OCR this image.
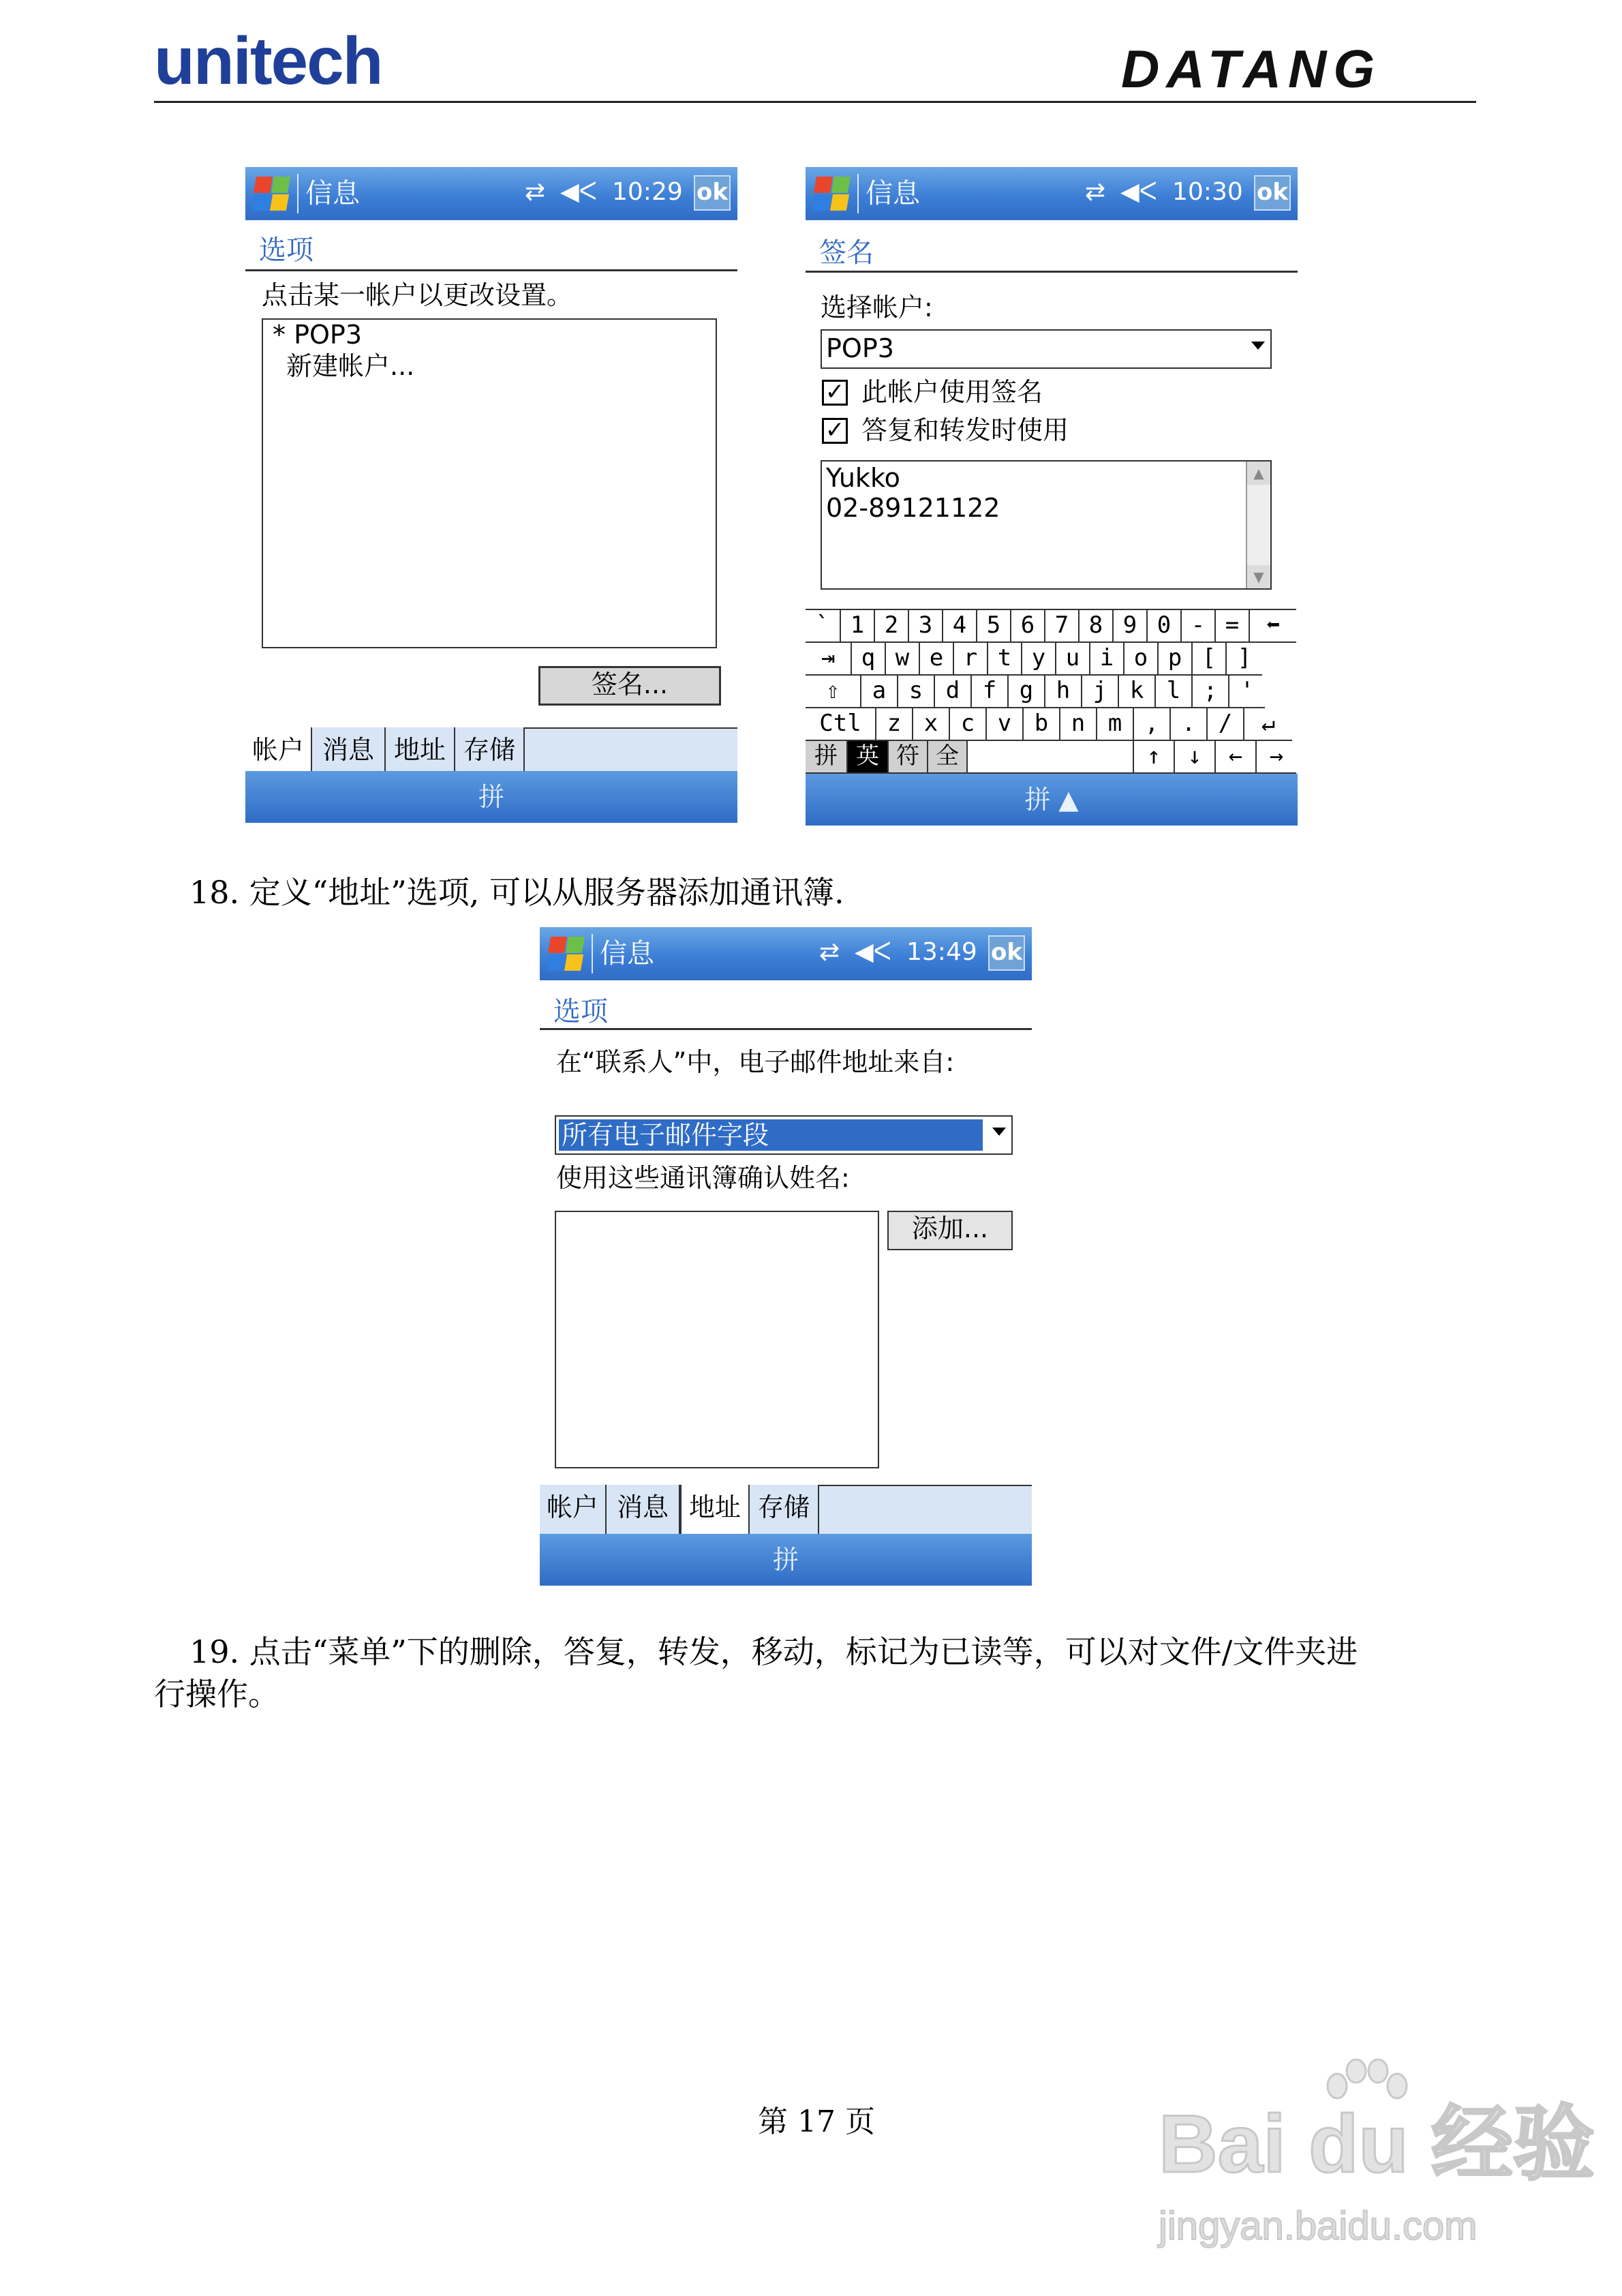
unitech	DATANG
信息	⇄ ◀︎ᐸ 10:29 ok
选项
点击某一帐户以更改设置。
* POP3
新建帐户...
签名...
帐户 消息 地址 存储
拼
信息	⇄ ◀︎ᐸ 10:30 ok
签名
选择帐户:
POP3
✓ 此帐户使用签名
✓ 答复和转发时使用
Yukko
02-89121122
▲
▼
` 1 2 3 4 5 6 7 8 9 0 - =	⬅
⇥	q w e r t y u i o p [ ]
⇧	a s d f g h j k l ; '
Ctl	z x c v b n m , . /	↵
拼 英 符 全	↑	↓	←	→
拼 ▲
18. 定义“地址”选项, 可以从服务器添加通讯簿.
信息	⇄ ◀︎ᐸ 13:49 ok
选项
在“联系人”中，电子邮件地址来自:
所有电子邮件字段
使用这些通讯簿确认姓名:
添加...
帐户 消息 地址 存储
拼
19. 点击“菜单”下的删除，答复，转发，移动，标记为已读等，可以对文件/文件夹进
行操作。
第 17 页	Bai du 经验
jingyan.baidu.com
